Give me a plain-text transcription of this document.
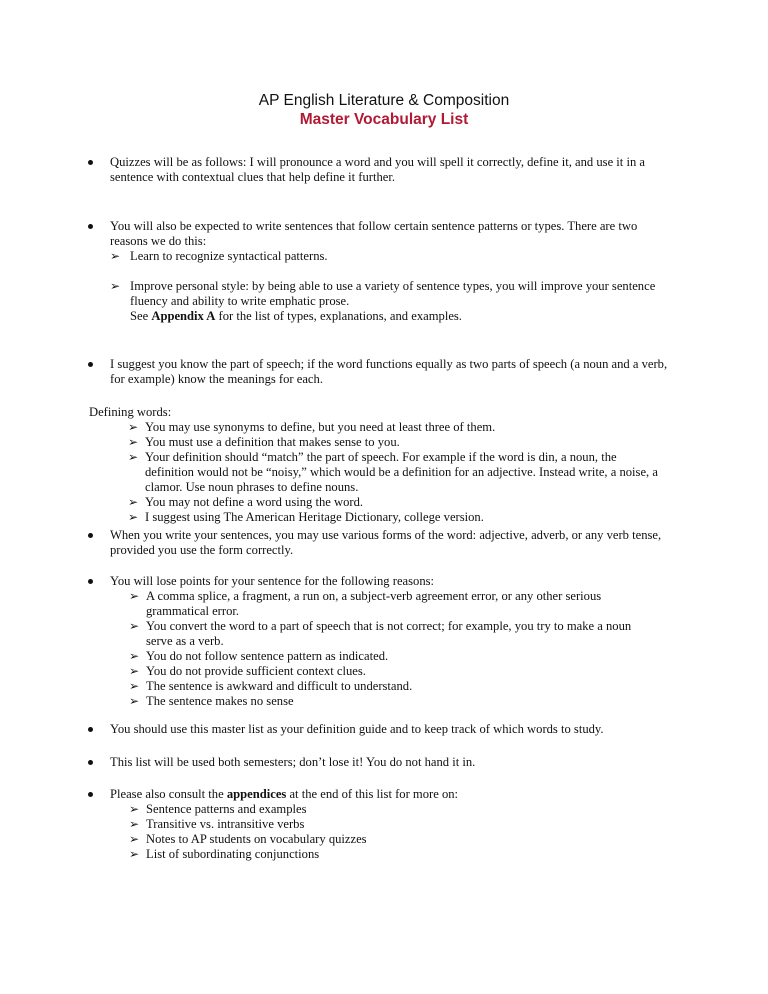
AP English Literature & Composition
Master Vocabulary List

Quizzes will be as follows: I will pronounce a word and you will spell it correctly, define it, and use it in a sentence with contextual clues that help define it further.

You will also be expected to write sentences that follow certain sentence patterns or types. There are two reasons we do this:

➢ Learn to recognize syntactical patterns.
➢ Improve personal style: by being able to use a variety of sentence types, you will improve your sentence fluency and ability to write emphatic prose.
See Appendix A for the list of types, explanations, and examples.

I suggest you know the part of speech; if the word functions equally as two parts of speech (a noun and a verb, for example) know the meanings for each.

Defining words:
➢ You may use synonyms to define, but you need at least three of them.
➢ You must use a definition that makes sense to you.
➢ Your definition should “match” the part of speech. For example if the word is din, a noun, the definition would not be “noisy,” which would be a definition for an adjective. Instead write, a noise, a clamor. Use noun phrases to define nouns.
➢ You may not define a word using the word.
➢ I suggest using The American Heritage Dictionary, college version.

When you write your sentences, you may use various forms of the word: adjective, adverb, or any verb tense, provided you use the form correctly.

You will lose points for your sentence for the following reasons:

➢ A comma splice, a fragment, a run on, a subject-verb agreement error, or any other serious grammatical error.
➢ You convert the word to a part of speech that is not correct; for example, you try to make a noun serve as a verb.
➢ You do not follow sentence pattern as indicated.
➢ You do not provide sufficient context clues.
➢ The sentence is awkward and difficult to understand.
➢ The sentence makes no sense

You should use this master list as your definition guide and to keep track of which words to study.

This list will be used both semesters; don’t lose it! You do not hand it in.

Please also consult the appendices at the end of this list for more on:

➢ Sentence patterns and examples
➢ Transitive vs. intransitive verbs
➢ Notes to AP students on vocabulary quizzes
➢ List of subordinating conjunctions
